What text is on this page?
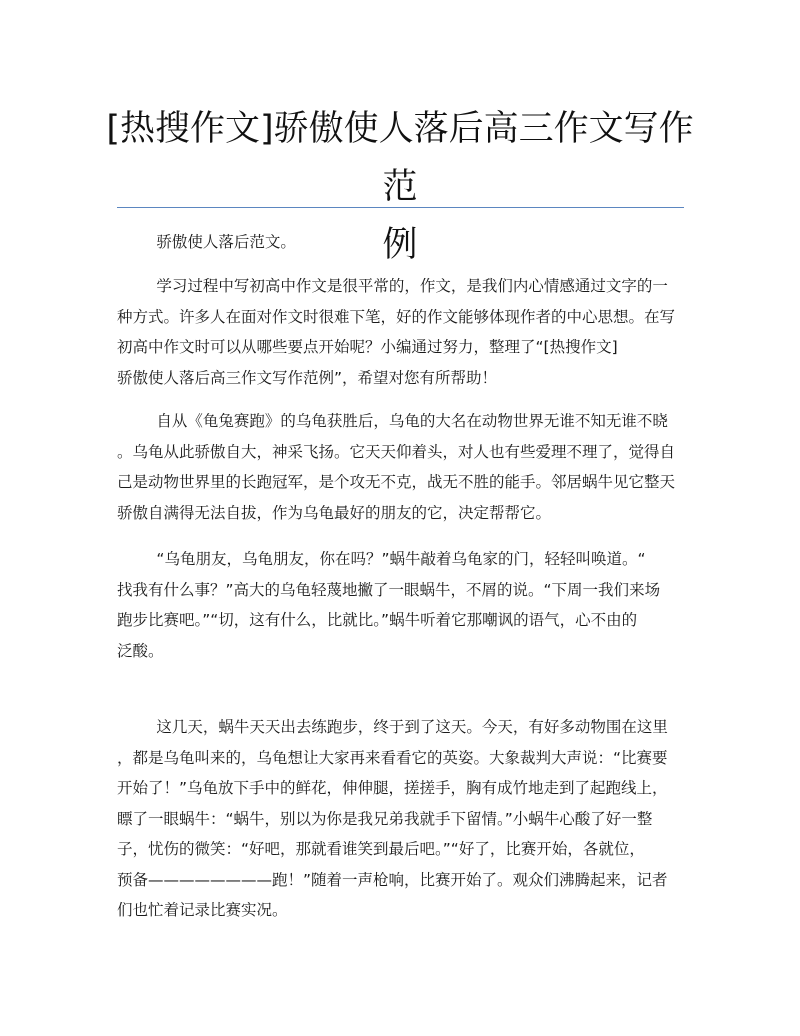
[热搜作文]骄傲使人落后高三作文写作范
例

骄傲使人落后范文。

学习过程中写初高中作文是很平常的，作文，是我们内心情感通过文字的一
种方式。许多人在面对作文时很难下笔，好的作文能够体现作者的中心思想。在写
初高中作文时可以从哪些要点开始呢？小编通过努力，整理了“[热搜作文]
骄傲使人落后高三作文写作范例”，希望对您有所帮助！

自从《龟兔赛跑》的乌龟获胜后，乌龟的大名在动物世界无谁不知无谁不晓
。乌龟从此骄傲自大，神采飞扬。它天天仰着头，对人也有些爱理不理了，觉得自
己是动物世界里的长跑冠军，是个攻无不克，战无不胜的能手。邻居蜗牛见它整天
骄傲自满得无法自拔，作为乌龟最好的朋友的它，决定帮帮它。

“乌龟朋友，乌龟朋友，你在吗？”蜗牛敲着乌龟家的门，轻轻叫唤道。“
找我有什么事？”高大的乌龟轻蔑地撇了一眼蜗牛，不屑的说。“下周一我们来场
跑步比赛吧。”“切，这有什么，比就比。”蜗牛听着它那嘲讽的语气，心不由的
泛酸。

这几天，蜗牛天天出去练跑步，终于到了这天。今天，有好多动物围在这里
，都是乌龟叫来的，乌龟想让大家再来看看它的英姿。大象裁判大声说：“比赛要
开始了！”乌龟放下手中的鲜花，伸伸腿，搓搓手，胸有成竹地走到了起跑线上，
瞟了一眼蜗牛：“蜗牛，别以为你是我兄弟我就手下留情。”小蜗牛心酸了好一整
子，忧伤的微笑：“好吧，那就看谁笑到最后吧。”“好了，比赛开始，各就位，
预备————————跑！”随着一声枪响，比赛开始了。观众们沸腾起来，记者
们也忙着记录比赛实况。
